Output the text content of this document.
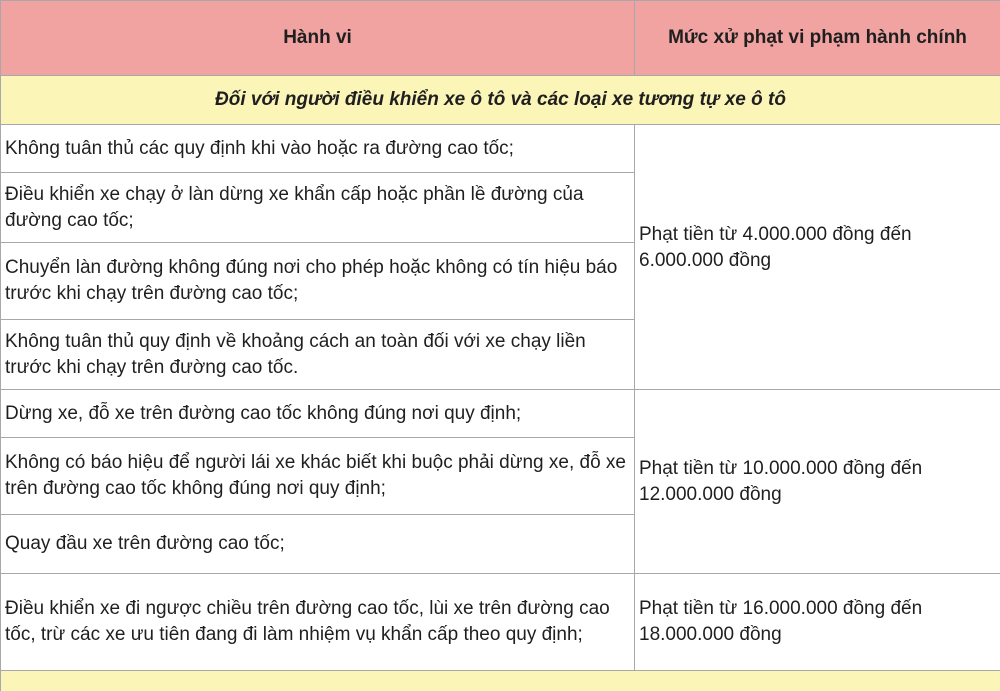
Hành vi	Mức xử phạt vi phạm hành chính
Đối với người điều khiển xe ô tô và các loại xe tương tự xe ô tô	
Không tuân thủ các quy định khi vào hoặc ra đường cao tốc;	Phạt tiền từ 4.000.000 đồng đến 6.000.000 đồng
Điều khiển xe chạy ở làn dừng xe khẩn cấp hoặc phần lề đường của đường cao tốc;	
Chuyển làn đường không đúng nơi cho phép hoặc không có tín hiệu báo trước khi chạy trên đường cao tốc;	
Không tuân thủ quy định về khoảng cách an toàn đối với xe chạy liền trước khi chạy trên đường cao tốc.	
Dừng xe, đỗ xe trên đường cao tốc không đúng nơi quy định;	Phạt tiền từ 10.000.000 đồng đến 12.000.000 đồng
Không có báo hiệu để người lái xe khác biết khi buộc phải dừng xe, đỗ xe trên đường cao tốc không đúng nơi quy định;	
Quay đầu xe trên đường cao tốc;	
Điều khiển xe đi ngược chiều trên đường cao tốc, lùi xe trên đường cao tốc, trừ các xe ưu tiên đang đi làm nhiệm vụ khẩn cấp theo quy định;	Phạt tiền từ 16.000.000 đồng đến 18.000.000 đồng
